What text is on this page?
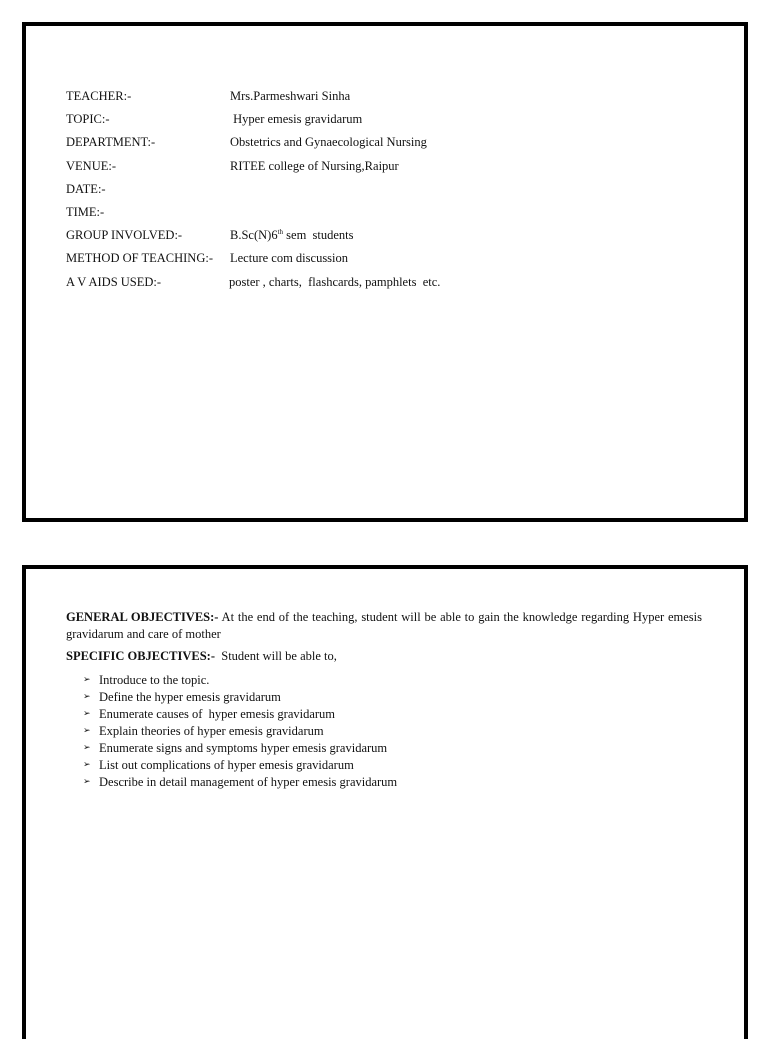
TEACHER:-	Mrs.Parmeshwari Sinha
TOPIC:-	Hyper emesis gravidarum
DEPARTMENT:-	Obstetrics and Gynaecological Nursing
VENUE:-	RITEE college of Nursing,Raipur
DATE:-
TIME:-
GROUP INVOLVED:-	B.Sc(N)6th sem  students
METHOD OF TEACHING:-	Lecture com discussion
A V AIDS USED:-	poster , charts,  flashcards, pamphlets  etc.

GENERAL OBJECTIVES:- At the end of the teaching, student will be able to gain the knowledge regarding Hyper emesis gravidarum and care of mother

SPECIFIC OBJECTIVES:-  Student will be able to,

➢ Introduce to the topic.
➢ Define the hyper emesis gravidarum
➢ Enumerate causes of  hyper emesis gravidarum
➢ Explain theories of hyper emesis gravidarum
➢ Enumerate signs and symptoms hyper emesis gravidarum
➢ List out complications of hyper emesis gravidarum
➢ Describe in detail management of hyper emesis gravidarum
